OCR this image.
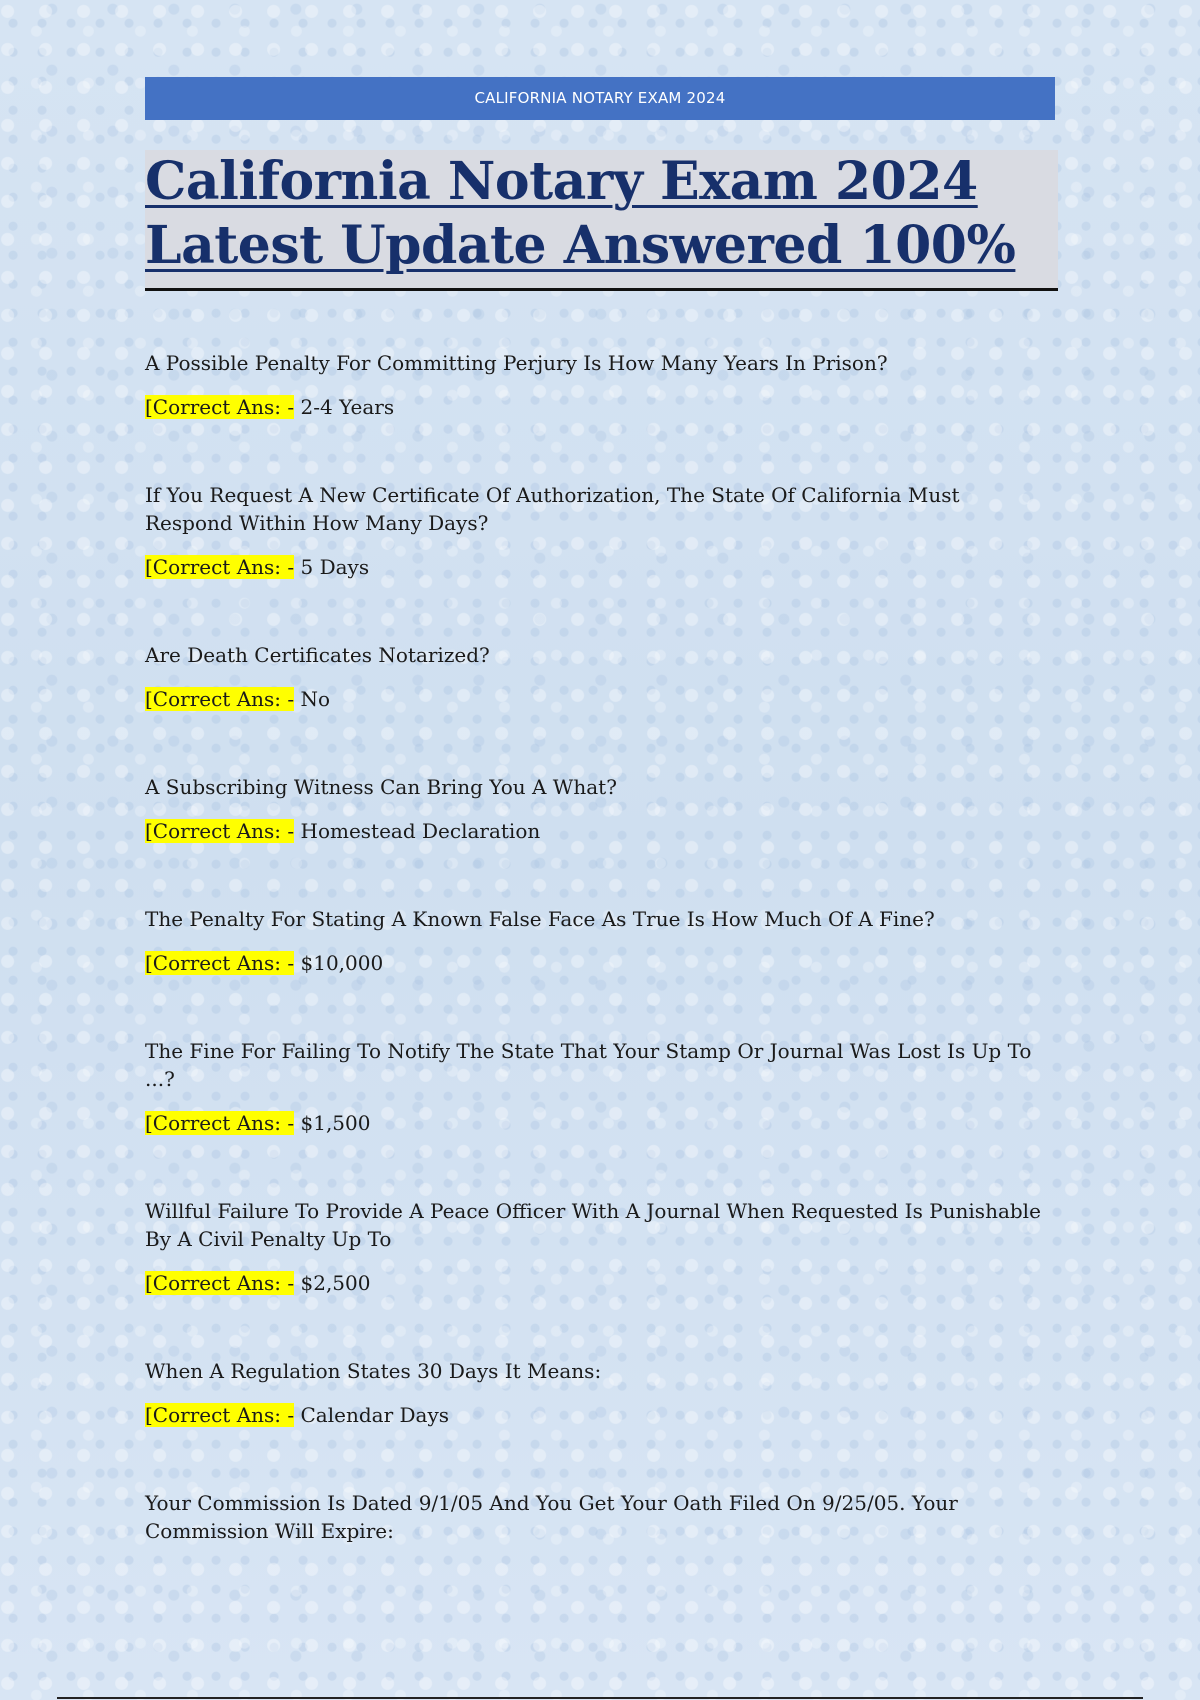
CALIFORNIA NOTARY EXAM 2024
California Notary Exam 2024
Latest Update Answered 100%

A Possible Penalty For Committing Perjury Is How Many Years In Prison?

[Correct Ans: - 2-4 Years

If You Request A New Certificate Of Authorization, The State Of California Must Respond Within How Many Days?

[Correct Ans: - 5 Days

Are Death Certificates Notarized?

[Correct Ans: - No

A Subscribing Witness Can Bring You A What?

[Correct Ans: - Homestead Declaration

The Penalty For Stating A Known False Face As True Is How Much Of A Fine?

[Correct Ans: - $10,000

The Fine For Failing To Notify The State That Your Stamp Or Journal Was Lost Is Up To ...?

[Correct Ans: - $1,500

Willful Failure To Provide A Peace Officer With A Journal When Requested Is Punishable By A Civil Penalty Up To

[Correct Ans: - $2,500

When A Regulation States 30 Days It Means:

[Correct Ans: - Calendar Days

Your Commission Is Dated 9/1/05 And You Get Your Oath Filed On 9/25/05. Your Commission Will Expire:
